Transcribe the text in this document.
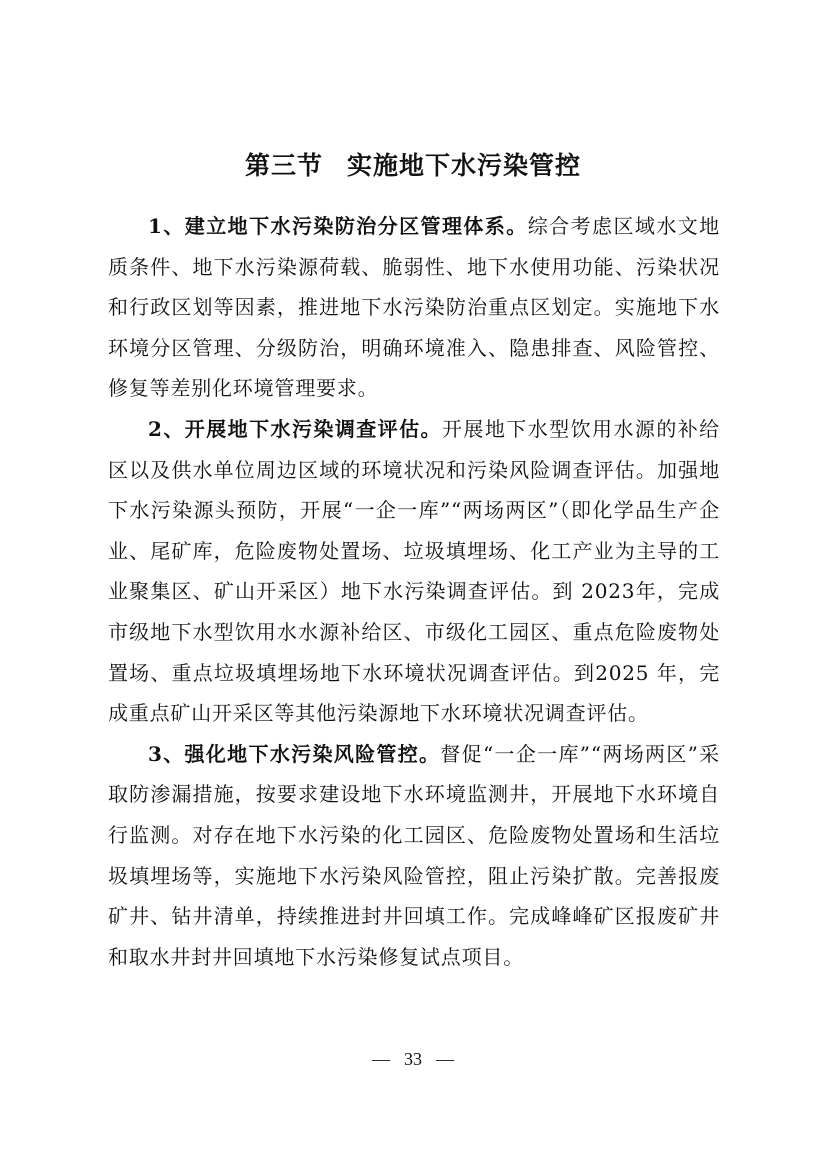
第三节 实施地下水污染管控

1、建立地下水污染防治分区管理体系。综合考虑区域水文地质条件、地下水污染源荷载、脆弱性、地下水使用功能、污染状况和行政区划等因素，推进地下水污染防治重点区划定。实施地下水环境分区管理、分级防治，明确环境准入、隐患排查、风险管控、修复等差别化环境管理要求。

2、开展地下水污染调查评估。开展地下水型饮用水源的补给区以及供水单位周边区域的环境状况和污染风险调查评估。加强地下水污染源头预防，开展“一企一库”“两场两区”（即化学品生产企业、尾矿库，危险废物处置场、垃圾填埋场、化工产业为主导的工业聚集区、矿山开采区）地下水污染调查评估。到 2023年，完成市级地下水型饮用水水源补给区、市级化工园区、重点危险废物处置场、重点垃圾填埋场地下水环境状况调查评估。到2025 年，完成重点矿山开采区等其他污染源地下水环境状况调查评估。

3、强化地下水污染风险管控。督促“一企一库”“两场两区”采取防渗漏措施，按要求建设地下水环境监测井，开展地下水环境自行监测。对存在地下水污染的化工园区、危险废物处置场和生活垃圾填埋场等，实施地下水污染风险管控，阻止污染扩散。完善报废矿井、钻井清单，持续推进封井回填工作。完成峰峰矿区报废矿井和取水井封井回填地下水污染修复试点项目。

— 33 —
